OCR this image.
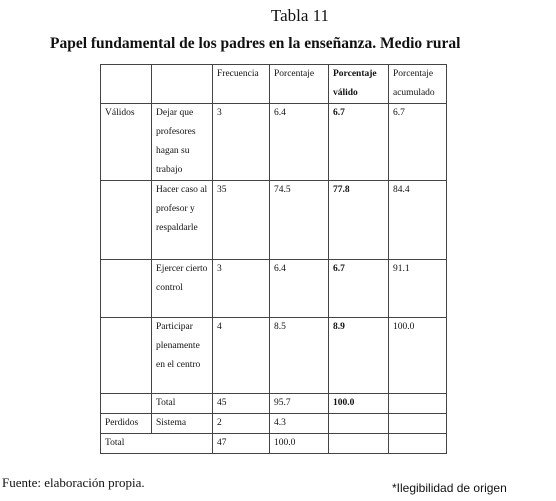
Tabla 11
Papel fundamental de los padres en la enseñanza. Medio rural
		Frecuencia	Porcentaje	Porcentaje válido	Porcentaje acumulado
Válidos	Dejar que profesores hagan su trabajo	3	6.4	6.7	6.7
	Hacer caso al profesor y respaldarle	35	74.5	77.8	84.4
	Ejercer cierto control	3	6.4	6.7	91.1
	Participar plenamente en el centro	4	8.5	8.9	100.0
	Total	45	95.7	100.0	
Perdidos	Sistema	2	4.3		
Total		47	100.0		
Fuente: elaboración propia.	*Ilegibilidad de origen
